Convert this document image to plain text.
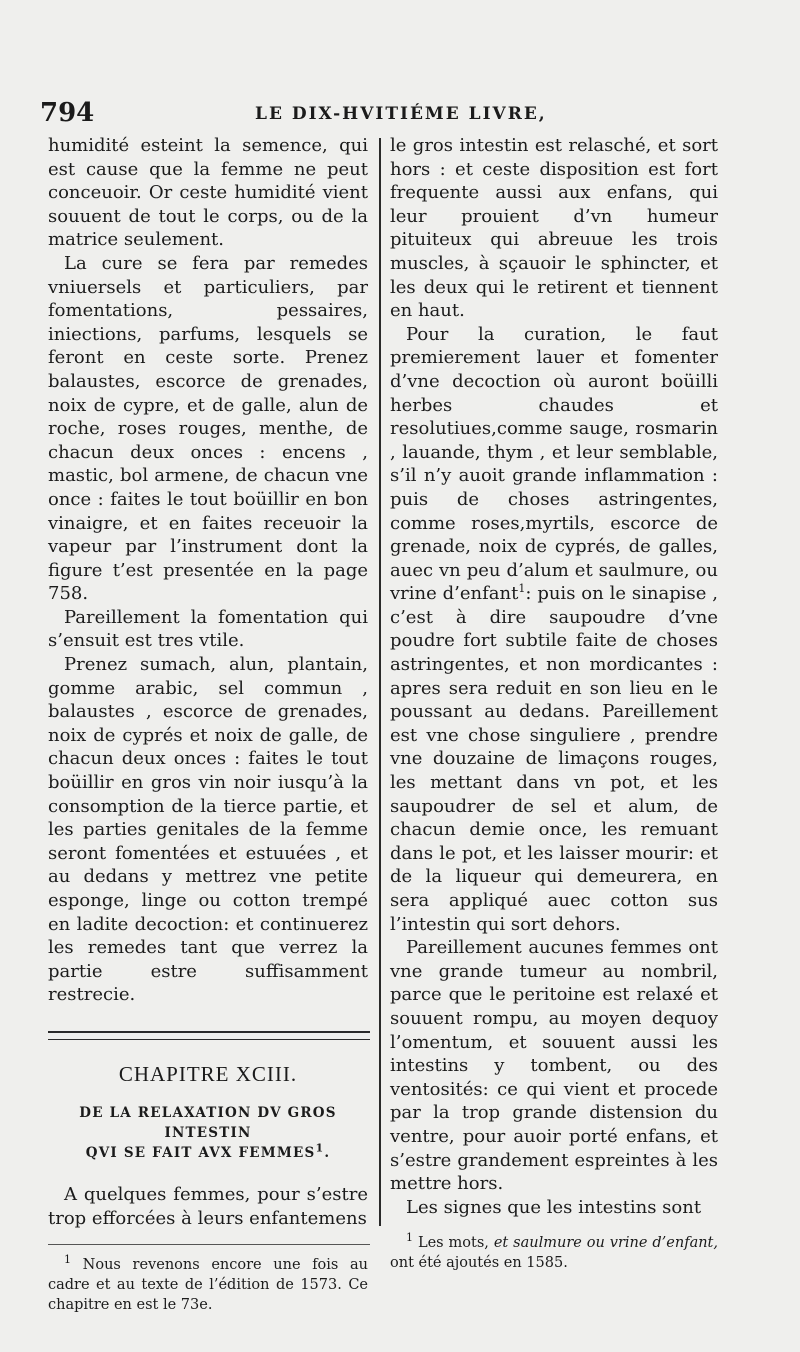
794	LE DIX-HVITIÉME LIVRE,

humidité esteint la semence, qui est cause que la femme ne peut conceuoir. Or ceste humidité vient souuent de tout le corps, ou de la matrice seulement.

La cure se fera par remedes vniuersels et particuliers, par fomentations, pessaires, iniections, parfums, lesquels se feront en ceste sorte. Prenez balaustes, escorce de grenades, noix de cypre, et de galle, alun de roche, roses rouges, menthe, de chacun deux onces : encens , mastic, bol armene, de chacun vne once : faites le tout boüillir en bon vinaigre, et en faites receuoir la vapeur par l’instrument dont la figure t’est presentée en la page 758.

Pareillement la fomentation qui s’ensuit est tres vtile.

Prenez sumach, alun, plantain, gomme arabic, sel commun , balaustes , escorce de grenades, noix de cyprés et noix de galle, de chacun deux onces : faites le tout boüillir en gros vin noir iusqu’à la consomption de la tierce partie, et les parties genitales de la femme seront fomentées et estuuées , et au dedans y mettrez vne petite esponge, linge ou cotton trempé en ladite decoction: et continuerez les remedes tant que verrez la partie estre suffisamment restrecie.

CHAPITRE XCIII.
DE LA RELAXATION DV GROS INTESTIN
QVI SE FAIT AVX FEMMES$^1$.

A quelques femmes, pour s’estre trop efforcées à leurs enfantemens

$^1$ Nous revenons encore une fois au cadre et au texte de l’édition de 1573. Ce chapitre en est le 73e.

le gros intestin est relasché, et sort hors : et ceste disposition est fort frequente aussi aux enfans, qui leur prouient d’vn humeur pituiteux qui abreuue les trois muscles, à sçauoir le sphincter, et les deux qui le retirent et tiennent en haut.

Pour la curation, le faut premierement lauer et fomenter d’vne decoction où auront boüilli herbes chaudes et resolutiues,comme sauge, rosmarin , lauande, thym , et leur semblable, s’il n’y auoit grande inflammation : puis de choses astringentes, comme roses,myrtils, escorce de grenade, noix de cyprés, de galles, auec vn peu d’alum et saulmure, ou vrine d’enfant$^1$: puis on le sinapise , c’est à dire saupoudre d’vne poudre fort subtile faite de choses astringentes, et non mordicantes : apres sera reduit en son lieu en le poussant au dedans. Pareillement est vne chose singuliere , prendre vne douzaine de limaçons rouges, les mettant dans vn pot, et les saupoudrer de sel et alum, de chacun demie once, les remuant dans le pot, et les laisser mourir: et de la liqueur qui demeurera, en sera appliqué auec cotton sus l’intestin qui sort dehors.

Pareillement aucunes femmes ont vne grande tumeur au nombril, parce que le peritoine est relaxé et souuent rompu, au moyen dequoy l’omentum, et souuent aussi les intestins y tombent, ou des ventosités: ce qui vient et procede par la trop grande distension du ventre, pour auoir porté enfans, et s’estre grandement espreintes à les mettre hors.

Les signes que les intestins sont

$^1$ Les mots, et saulmure ou vrine d’enfant, ont été ajoutés en 1585.
